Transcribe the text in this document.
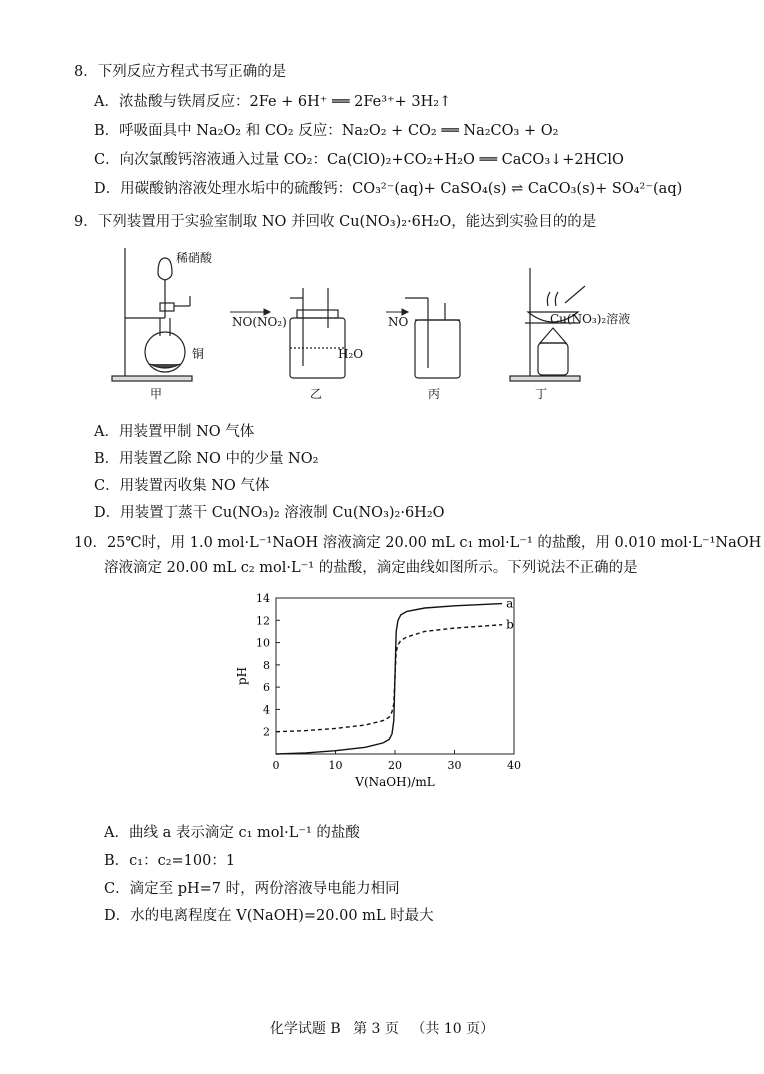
8．下列反应方程式书写正确的是
A．浓盐酸与铁屑反应：2Fe + 6H⁺ ══ 2Fe³⁺+ 3H₂↑
B．呼吸面具中 Na₂O₂ 和 CO₂ 反应：Na₂O₂ + CO₂ ══ Na₂CO₃ + O₂
C．向次氯酸钙溶液通入过量 CO₂：Ca(ClO)₂+CO₂+H₂O ══ CaCO₃↓+2HClO
D．用碳酸钠溶液处理水垢中的硫酸钙：CO₃²⁻(aq)+ CaSO₄(s) ⇌ CaCO₃(s)+ SO₄²⁻(aq)
9．下列装置用于实验室制取 NO 并回收 Cu(NO₃)₂·6H₂O，能达到实验目的的是
稀硝酸
铜
甲
NO(NO₂)
H₂O
乙
NO
丙
Cu(NO₃)₂溶液
丁
A．用装置甲制 NO 气体
B．用装置乙除 NO 中的少量 NO₂
C．用装置丙收集 NO 气体
D．用装置丁蒸干 Cu(NO₃)₂ 溶液制 Cu(NO₃)₂·6H₂O
10．25℃时，用 1.0 mol·L⁻¹NaOH 溶液滴定 20.00 mL c₁ mol·L⁻¹ 的盐酸，用 0.010 mol·L⁻¹NaOH
溶液滴定 20.00 mL c₂ mol·L⁻¹ 的盐酸，滴定曲线如图所示。下列说法不正确的是
0	10	20	30	40
2
4
6
8
10
12
14
pH
V(NaOH)/mL
a
b
A．曲线 a 表示滴定 c₁ mol·L⁻¹ 的盐酸
B．c₁：c₂=100：1
C．滴定至 pH=7 时，两份溶液导电能力相同
D．水的电离程度在 V(NaOH)=20.00 mL 时最大
化学试题 B 第 3 页 （共 10 页）
